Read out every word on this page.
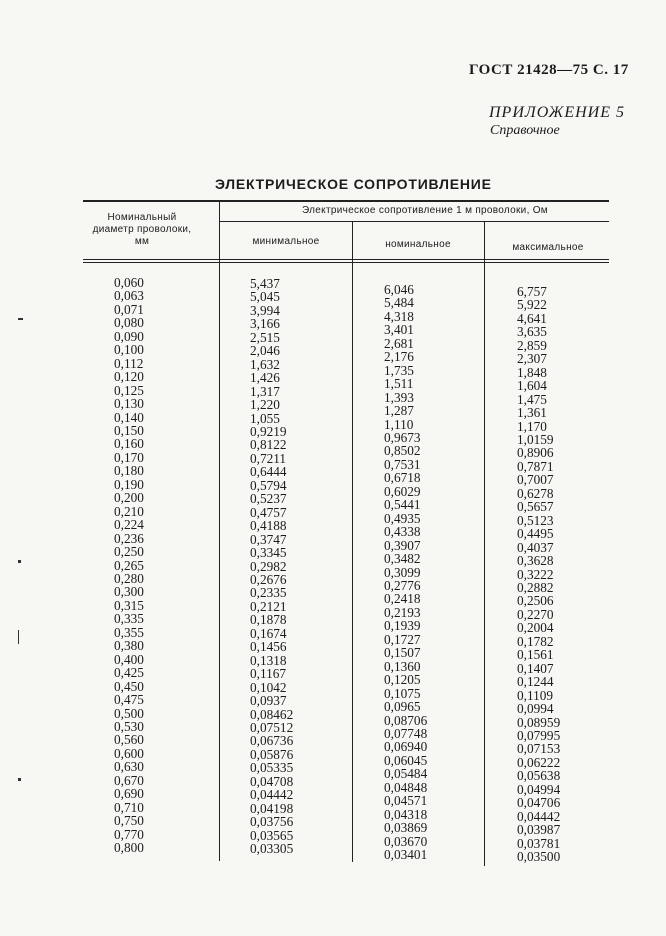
ГОСТ 21428—75 С. 17
ПРИЛОЖЕНИЕ 5
Справочное
ЭЛЕКТРИЧЕСКОЕ СОПРОТИВЛЕНИЕ
Номинальный диаметр проволоки, мм
Электрическое сопротивление 1 м проволоки, Ом
минимальное	номинальное	максимальное
0,060
0,063
0,071
0,080
0,090
0,100
0,112
0,120
0,125
0,130
0,140
0,150
0,160
0,170
0,180
0,190
0,200
0,210
0,224
0,236
0,250
0,265
0,280
0,300
0,315
0,335
0,355
0,380
0,400
0,425
0,450
0,475
0,500
0,530
0,560
0,600
0,630
0,670
0,690
0,710
0,750
0,770
0,800
5,437
5,045
3,994
3,166
2,515
2,046
1,632
1,426
1,317
1,220
1,055
0,9219
0,8122
0,7211
0,6444
0,5794
0,5237
0,4757
0,4188
0,3747
0,3345
0,2982
0,2676
0,2335
0,2121
0,1878
0,1674
0,1456
0,1318
0,1167
0,1042
0,0937
0,08462
0,07512
0,06736
0,05876
0,05335
0,04708
0,04442
0,04198
0,03756
0,03565
0,03305
6,046
5,484
4,318
3,401
2,681
2,176
1,735
1,511
1,393
1,287
1,110
0,9673
0,8502
0,7531
0,6718
0,6029
0,5441
0,4935
0,4338
0,3907
0,3482
0,3099
0,2776
0,2418
0,2193
0,1939
0,1727
0,1507
0,1360
0,1205
0,1075
0,0965
0,08706
0,07748
0,06940
0,06045
0,05484
0,04848
0,04571
0,04318
0,03869
0,03670
0,03401
6,757
5,922
4,641
3,635
2,859
2,307
1,848
1,604
1,475
1,361
1,170
1,0159
0,8906
0,7871
0,7007
0,6278
0,5657
0,5123
0,4495
0,4037
0,3628
0,3222
0,2882
0,2506
0,2270
0,2004
0,1782
0,1561
0,1407
0,1244
0,1109
0,0994
0,08959
0,07995
0,07153
0,06222
0,05638
0,04994
0,04706
0,04442
0,03987
0,03781
0,03500
